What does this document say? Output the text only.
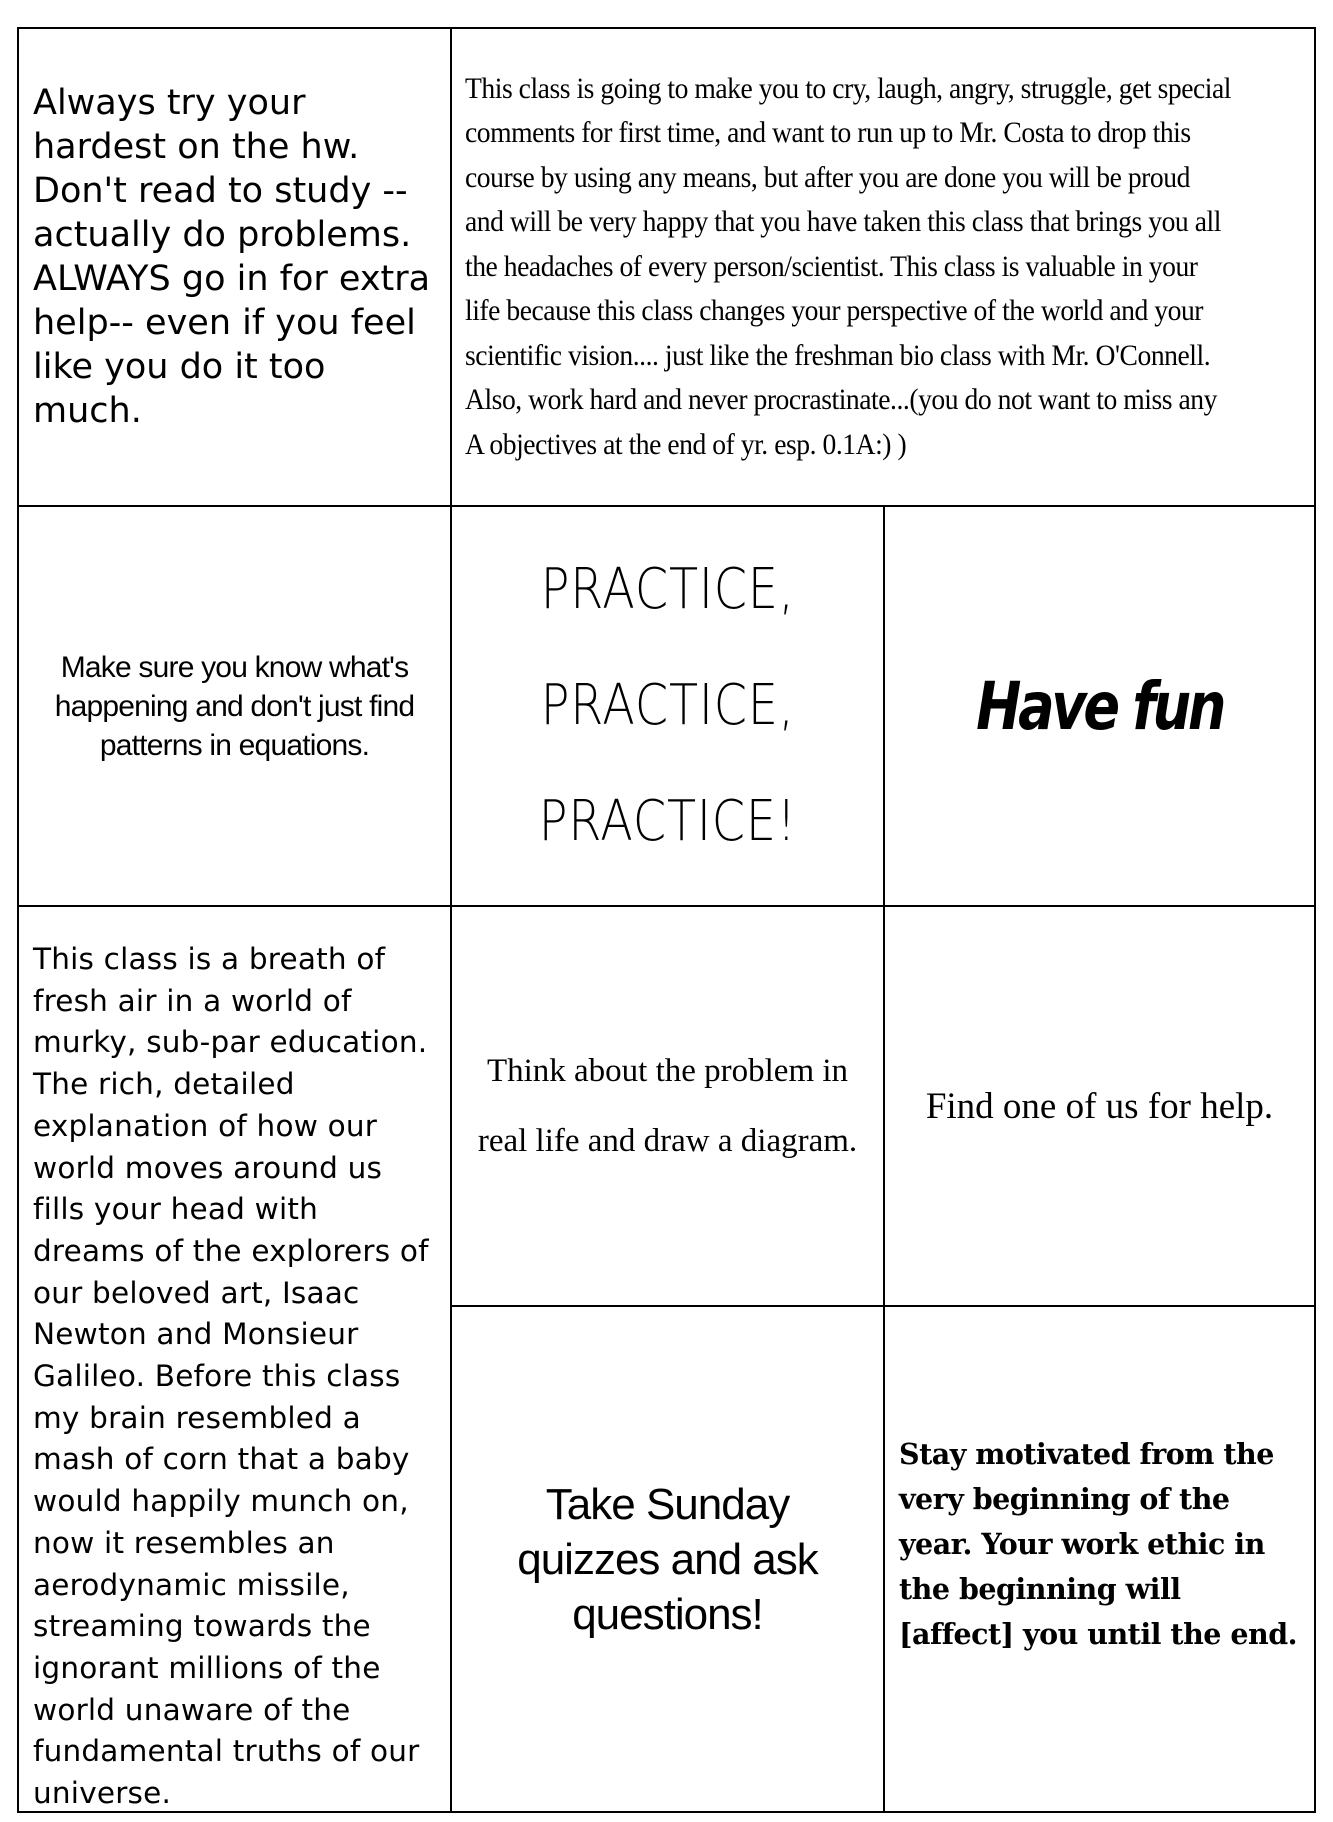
Always try your hardest on the hw. Don't read to study -- actually do problems. ALWAYS go in for extra help-- even if you feel like you do it too much.
This class is going to make you to cry, laugh, angry, struggle, get special comments for first time, and want to run up to Mr. Costa to drop this course by using any means, but after you are done you will be proud and will be very happy that you have taken this class that brings you all the headaches of every person/scientist. This class is valuable in your life because this class changes your perspective of the world and your scientific vision.... just like the freshman bio class with Mr. O'Connell. Also, work hard and never procrastinate...(you do not want to miss any A objectives at the end of yr. esp. 0.1A:) )
Make sure you know what's happening and don't just find patterns in equations.
PRACTICE,
PRACTICE,
PRACTICE!
Have fun
This class is a breath of fresh air in a world of murky, sub-par education. The rich, detailed explanation of how our world moves around us fills your head with dreams of the explorers of our beloved art, Isaac Newton and Monsieur Galileo. Before this class my brain resembled a mash of corn that a baby would happily munch on, now it resembles an aerodynamic missile, streaming towards the ignorant millions of the world unaware of the fundamental truths of our universe.
Think about the problem in real life and draw a diagram.
Find one of us for help.
Take Sunday quizzes and ask questions!
Stay motivated from the very beginning of the year. Your work ethic in the beginning will [affect] you until the end.
